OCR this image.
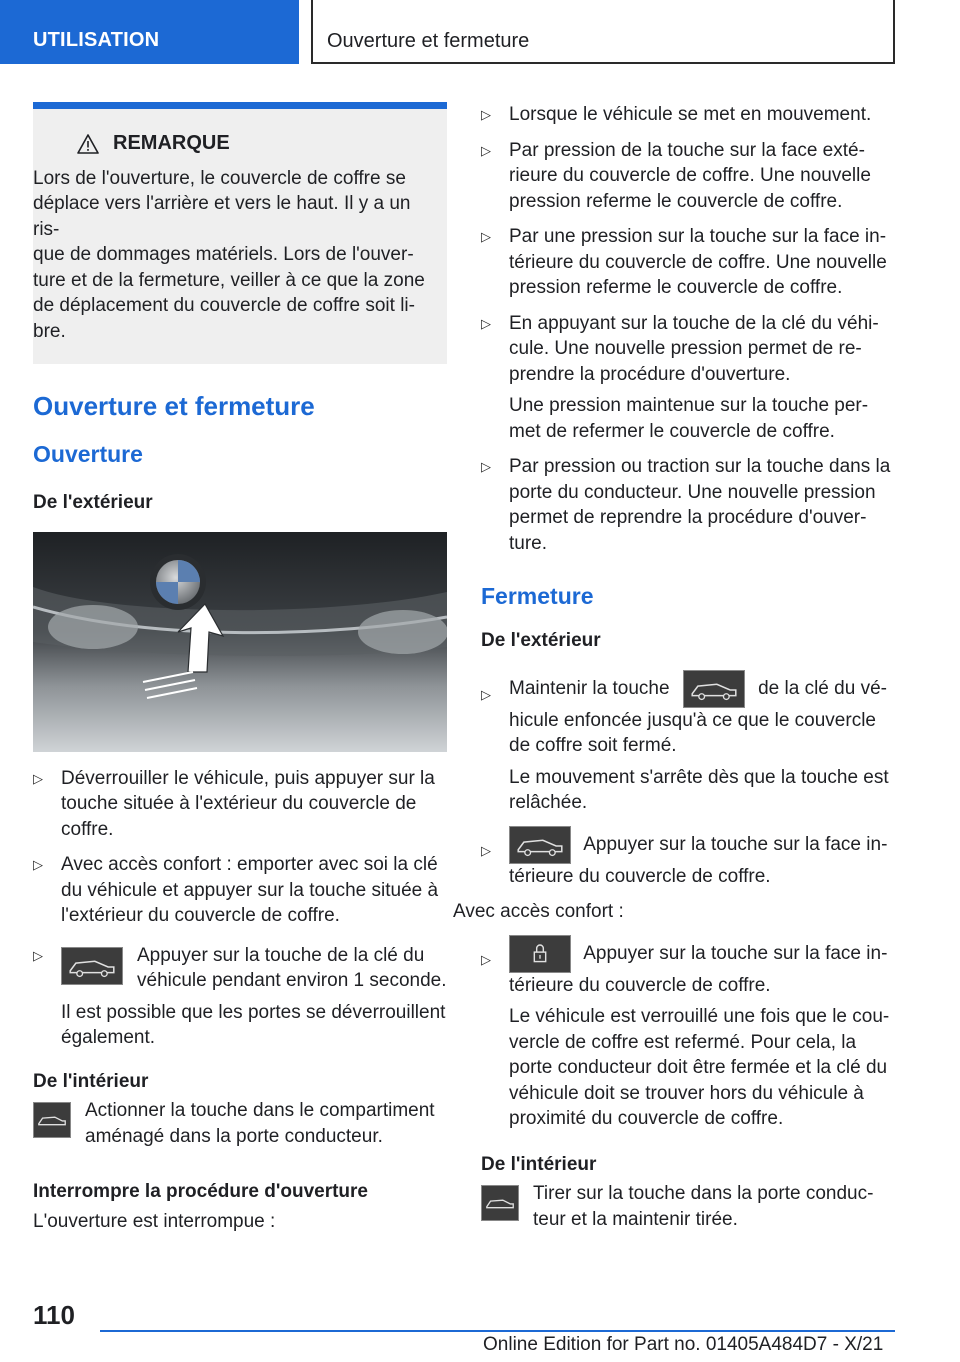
UTILISATION	Ouverture et fermeture
REMARQUE

Lors de l'ouverture, le couvercle de coffre se

déplace vers l'arrière et vers le haut. Il y a un ris-

que de dommages matériels. Lors de l'ouver-

ture et de la fermeture, veiller à ce que la zone

de déplacement du couvercle de coffre soit li-

bre.

Ouverture et fermeture
Ouverture
De l'extérieur
▷ Déverrouiller le véhicule, puis appuyer sur la

touche située à l'extérieur du couvercle de

coffre.

▷ Avec accès confort : emporter avec soi la clé

du véhicule et appuyer sur la touche située à

l'extérieur du couvercle de coffre.

▷	Appuyer sur la touche de la clé du

véhicule pendant environ 1 seconde.

Il est possible que les portes se déverrouillent

également.

De l'intérieur

Actionner la touche dans le compartiment

aménagé dans la porte conducteur.

Interrompre la procédure d'ouverture

L'ouverture est interrompue :

▷ Lorsque le véhicule se met en mouvement.

▷ Par pression de la touche sur la face exté-

rieure du couvercle de coffre. Une nouvelle

pression referme le couvercle de coffre.

▷ Par une pression sur la touche sur la face in-

térieure du couvercle de coffre. Une nouvelle

pression referme le couvercle de coffre.

▷ En appuyant sur la touche de la clé du véhi-

cule. Une nouvelle pression permet de re-

prendre la procédure d'ouverture.

Une pression maintenue sur la touche per-

met de refermer le couvercle de coffre.

▷ Par pression ou traction sur la touche dans la

porte du conducteur. Une nouvelle pression

permet de reprendre la procédure d'ouver-

ture.

Fermeture
De l'extérieur
▷ Maintenir la touche	de la clé du vé-

hicule enfoncée jusqu'à ce que le couvercle

de coffre soit fermé.

Le mouvement s'arrête dès que la touche est

relâchée.

▷	Appuyer sur la touche sur la face in-

térieure du couvercle de coffre.

Avec accès confort :

▷	Appuyer sur la touche sur la face in-

térieure du couvercle de coffre.

Le véhicule est verrouillé une fois que le cou-

vercle de coffre est refermé. Pour cela, la

porte conducteur doit être fermée et la clé du

véhicule doit se trouver hors du véhicule à

proximité du couvercle de coffre.

De l'intérieur

Tirer sur la touche dans la porte conduc-

teur et la maintenir tirée.

110
Online Edition for Part no. 01405A484D7 - X/21
